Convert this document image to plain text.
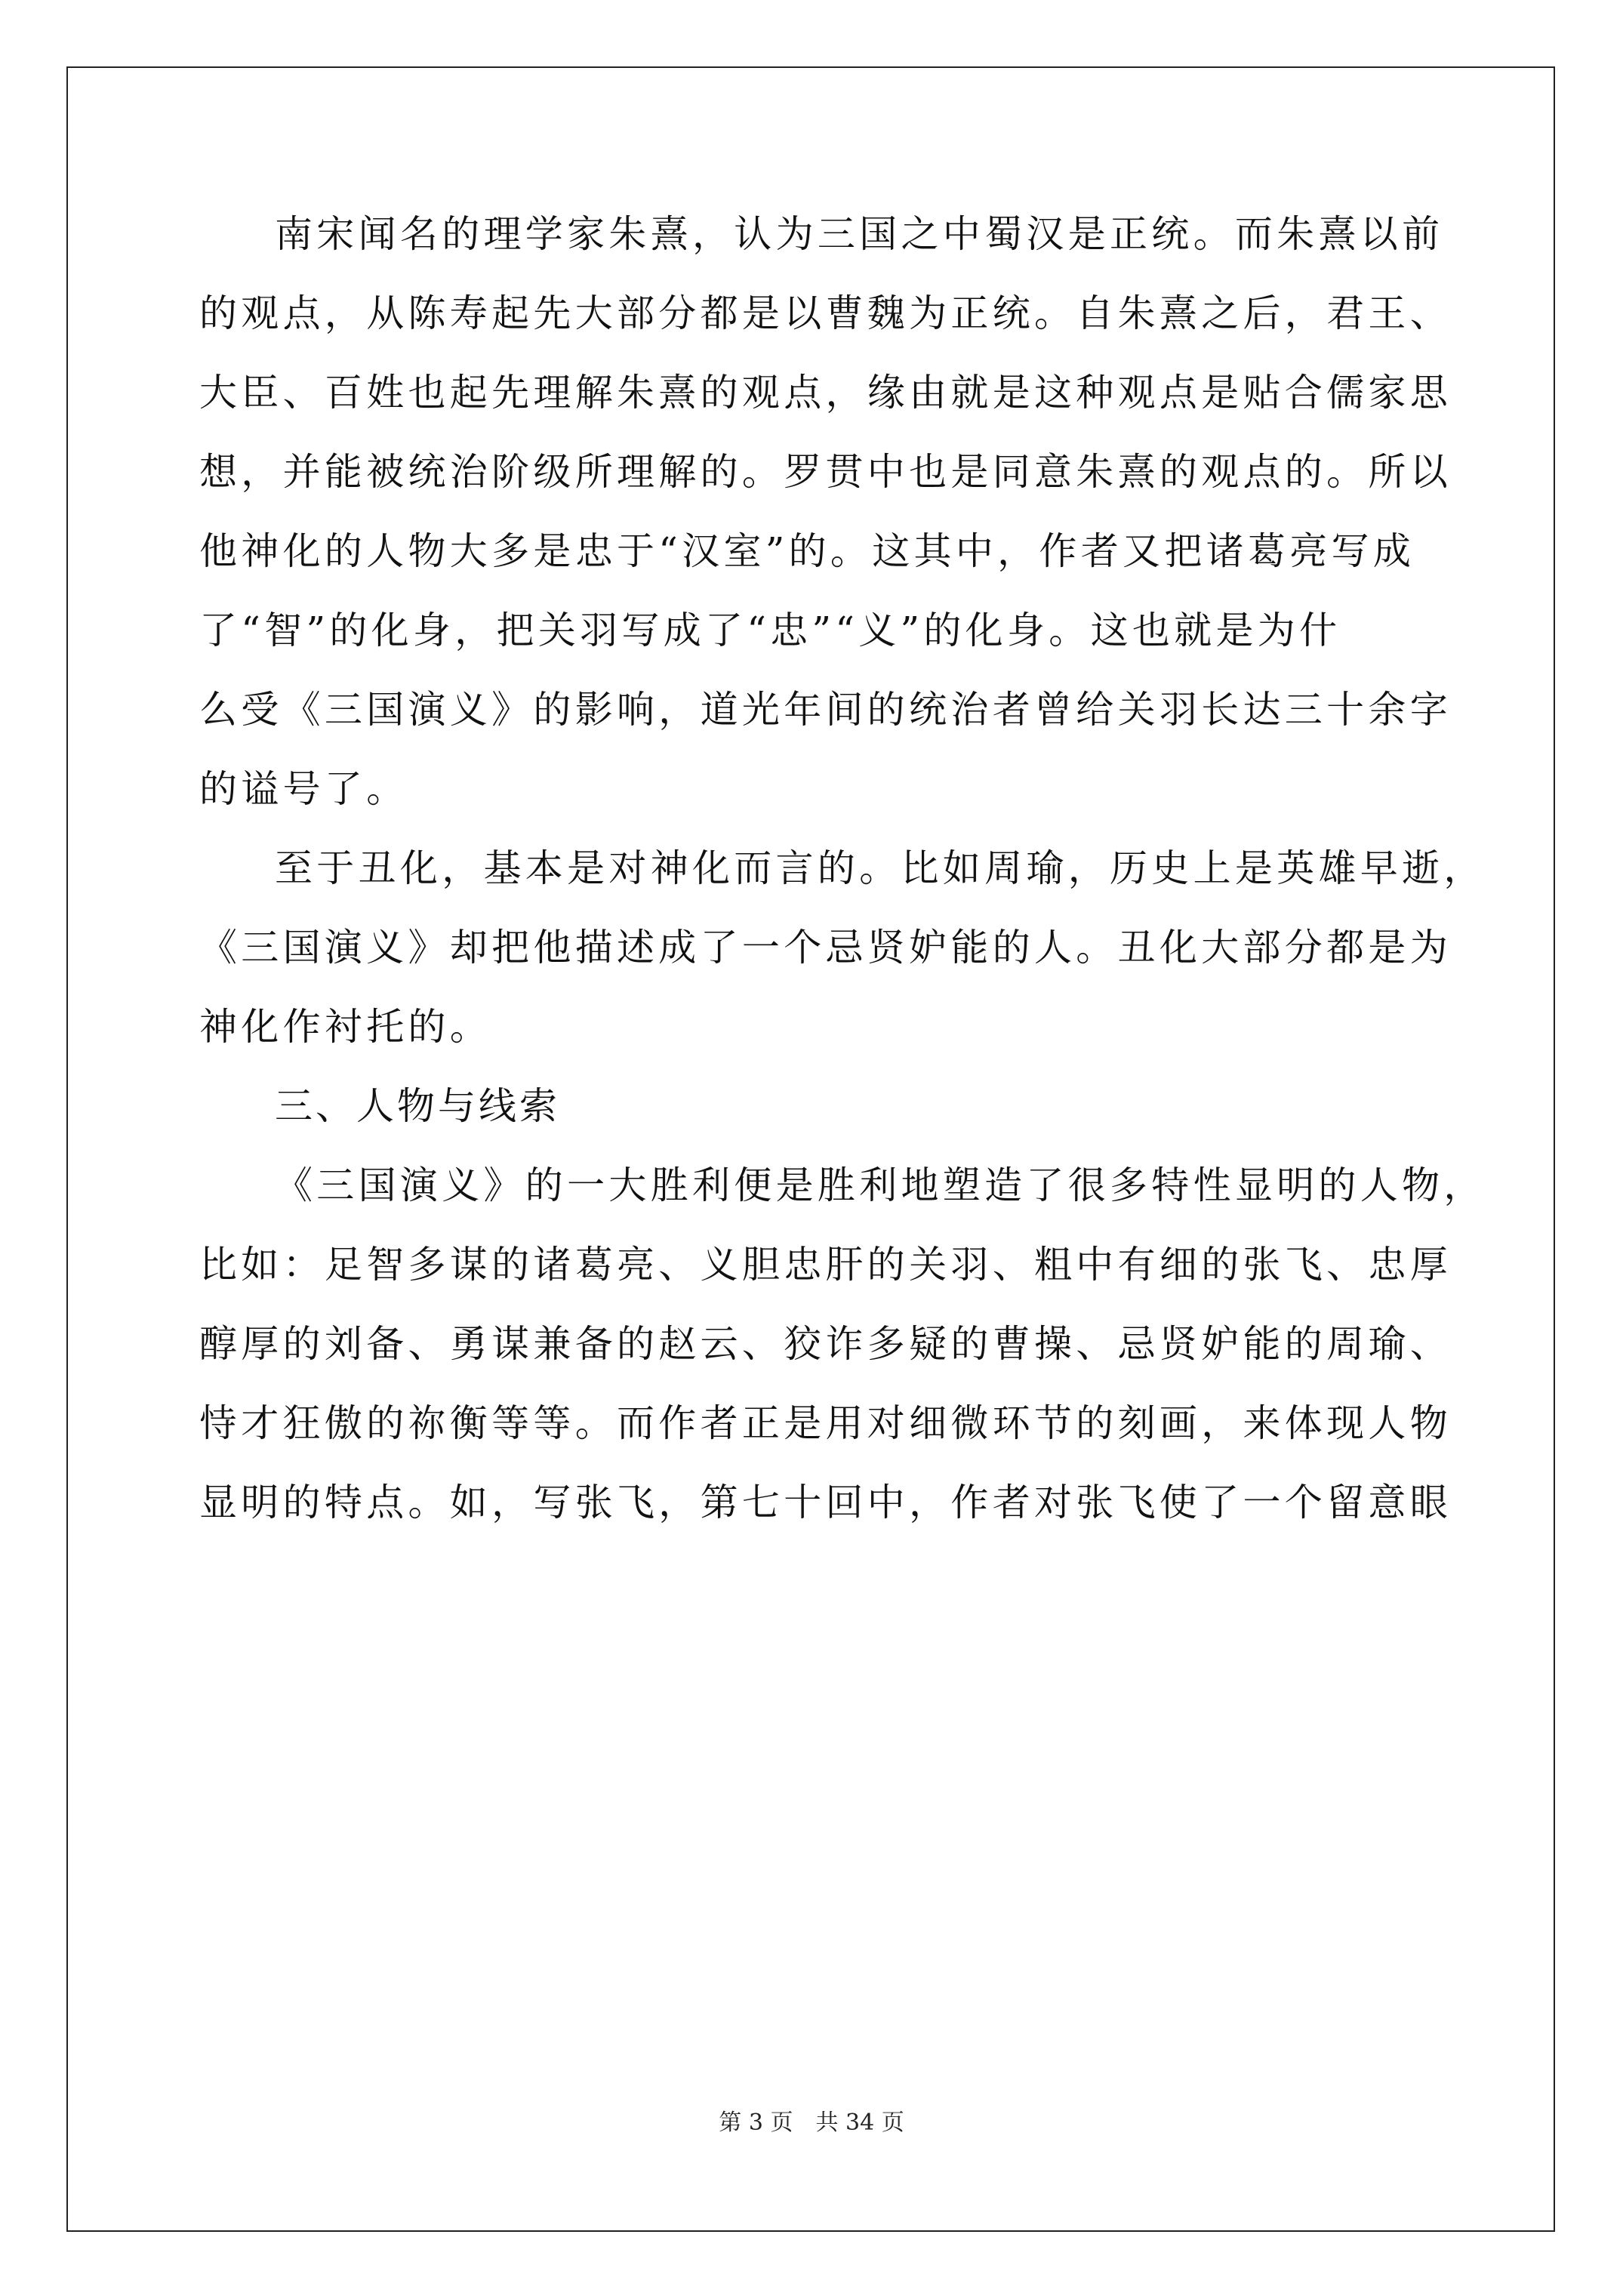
南宋闻名的理学家朱熹，认为三国之中蜀汉是正统。而朱熹以前
的观点，从陈寿起先大部分都是以曹魏为正统。自朱熹之后，君王、
大臣、百姓也起先理解朱熹的观点，缘由就是这种观点是贴合儒家思
想，并能被统治阶级所理解的。罗贯中也是同意朱熹的观点的。所以
他神化的人物大多是忠于“汉室”的。这其中，作者又把诸葛亮写成
了“智”的化身，把关羽写成了“忠”“义”的化身。这也就是为什
么受《三国演义》的影响，道光年间的统治者曾给关羽长达三十余字
的谥号了。
至于丑化，基本是对神化而言的。比如周瑜，历史上是英雄早逝，
《三国演义》却把他描述成了一个忌贤妒能的人。丑化大部分都是为
神化作衬托的。
三、人物与线索
《三国演义》的一大胜利便是胜利地塑造了很多特性显明的人物，
比如：足智多谋的诸葛亮、义胆忠肝的关羽、粗中有细的张飞、忠厚
醇厚的刘备、勇谋兼备的赵云、狡诈多疑的曹操、忌贤妒能的周瑜、
恃才狂傲的祢衡等等。而作者正是用对细微环节的刻画，来体现人物
显明的特点。如，写张飞，第七十回中，作者对张飞使了一个留意眼
第 3 页　共 34 页
